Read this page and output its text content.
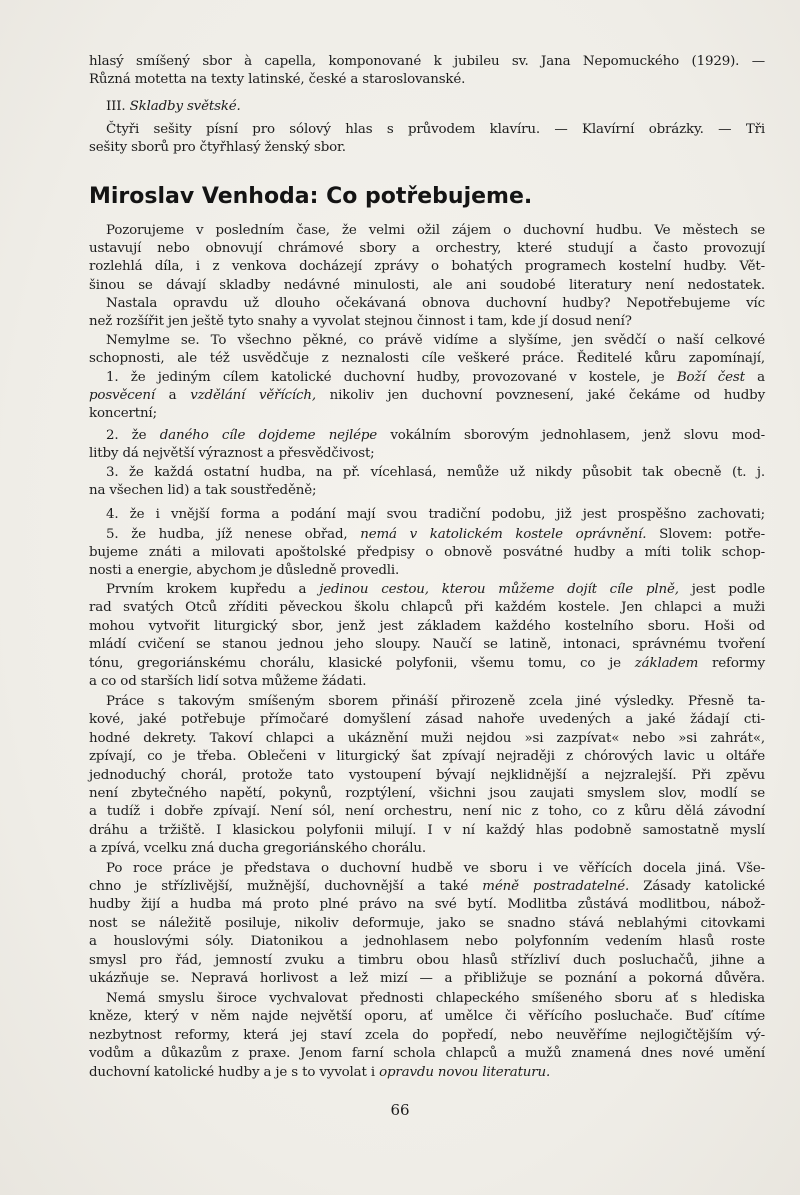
Miroslav Venhoda: Co potřebujeme.
hlasý smíšený sbor à capella, komponované k jubileu sv. Jana Nepomuckého (1929). —
Různá motetta na texty latinské, české a staroslovanské.
III. Skladby světské.
Čtyři sešity písní pro sólový hlas s průvodem klavíru. — Klavírní obrázky. — Tři
sešity sborů pro čtyřhlasý ženský sbor.
Pozorujeme v posledním čase, že velmi ožil zájem o duchovní hudbu. Ve městech se
ustavují nebo obnovují chrámové sbory a orchestry, které studují a často provozují
rozlehlá díla, i z venkova docházejí zprávy o bohatých programech kostelní hudby. Vět-
šinou se dávají skladby nedávné minulosti, ale ani soudobé literatury není nedostatek.
Nastala opravdu už dlouho očekávaná obnova duchovní hudby? Nepotřebujeme víc
než rozšířit jen ještě tyto snahy a vyvolat stejnou činnost i tam, kde jí dosud není?
Nemylme se. To všechno pěkné, co právě vidíme a slyšíme, jen svědčí o naší celkové
schopnosti, ale též usvědčuje z neznalosti cíle veškeré práce. Ředitelé kůru zapomínají,
1. že jediným cílem katolické duchovní hudby, provozované v kostele, je Boží čest a
posvěcení a vzdělání věřících, nikoliv jen duchovní povznesení, jaké čekáme od hudby
koncertní;
2. že daného cíle dojdeme nejlépe vokálním sborovým jednohlasem, jenž slovu mod-
litby dá největší výraznost a přesvědčivost;
3. že každá ostatní hudba, na př. vícehlasá, nemůže už nikdy působit tak obecně (t. j.
na všechen lid) a tak soustředěně;
4. že i vnější forma a podání mají svou tradiční podobu, již jest prospěšno zachovati;
5. že hudba, jíž nenese obřad, nemá v katolickém kostele oprávnění. Slovem: potře-
bujeme znáti a milovati apoštolské předpisy o obnově posvátné hudby a míti tolik schop-
nosti a energie, abychom je důsledně provedli.
Prvním krokem kupředu a jedinou cestou, kterou můžeme dojít cíle plně, jest podle
rad svatých Otců zříditi pěveckou školu chlapců při každém kostele. Jen chlapci a muži
mohou vytvořit liturgický sbor, jenž jest základem každého kostelního sboru. Hoši od
mládí cvičení se stanou jednou jeho sloupy. Naučí se latině, intonaci, správnému tvoření
tónu, gregoriánskému chorálu, klasické polyfonii, všemu tomu, co je základem reformy
a co od starších lidí sotva můžeme žádati.
Práce s takovým smíšeným sborem přináší přirozeně zcela jiné výsledky. Přesně ta-
kové, jaké potřebuje přímočaré domyšlení zásad nahoře uvedených a jaké žádají cti-
hodné dekrety. Takoví chlapci a ukáznění muži nejdou »si zazpívat« nebo »si zahrát«,
zpívají, co je třeba. Oblečeni v liturgický šat zpívají nejraději z chórových lavic u oltáře
jednoduchý chorál, protože tato vystoupení bývají nejklidnější a nejzralejší. Při zpěvu
není zbytečného napětí, pokynů, rozptýlení, všichni jsou zaujati smyslem slov, modlí se
a tudíž i dobře zpívají. Není sól, není orchestru, není nic z toho, co z kůru dělá závodní
dráhu a tržiště. I klasickou polyfonii milují. I v ní každý hlas podobně samostatně myslí
a zpívá, vcelku zná ducha gregoriánského chorálu.
Po roce práce je představa o duchovní hudbě ve sboru i ve věřících docela jiná. Vše-
chno je střízlivější, mužnější, duchovnější a také méně postradatelné. Zásady katolické
hudby žijí a hudba má proto plné právo na své bytí. Modlitba zůstává modlitbou, nábož-
nost se náležitě posiluje, nikoliv deformuje, jako se snadno stává neblahými citovkami
a houslovými sóly. Diatonikou a jednohlasem nebo polyfonním vedením hlasů roste
smysl pro řád, jemností zvuku a timbru obou hlasů střízliví duch posluchačů, jihne a
ukázňuje se. Nepravá horlivost a lež mizí — a přibližuje se poznání a pokorná důvěra.
Nemá smyslu široce vychvalovat přednosti chlapeckého smíšeného sboru ať s hlediska
kněze, který v něm najde největší oporu, ať umělce či věřícího posluchače. Buď cítíme
nezbytnost reformy, která jej staví zcela do popředí, nebo neuvěříme nejlogičtějším vý-
vodům a důkazům z praxe. Jenom farní schola chlapců a mužů znamená dnes nové umění
duchovní katolické hudby a je s to vyvolat i opravdu novou literaturu.
66
